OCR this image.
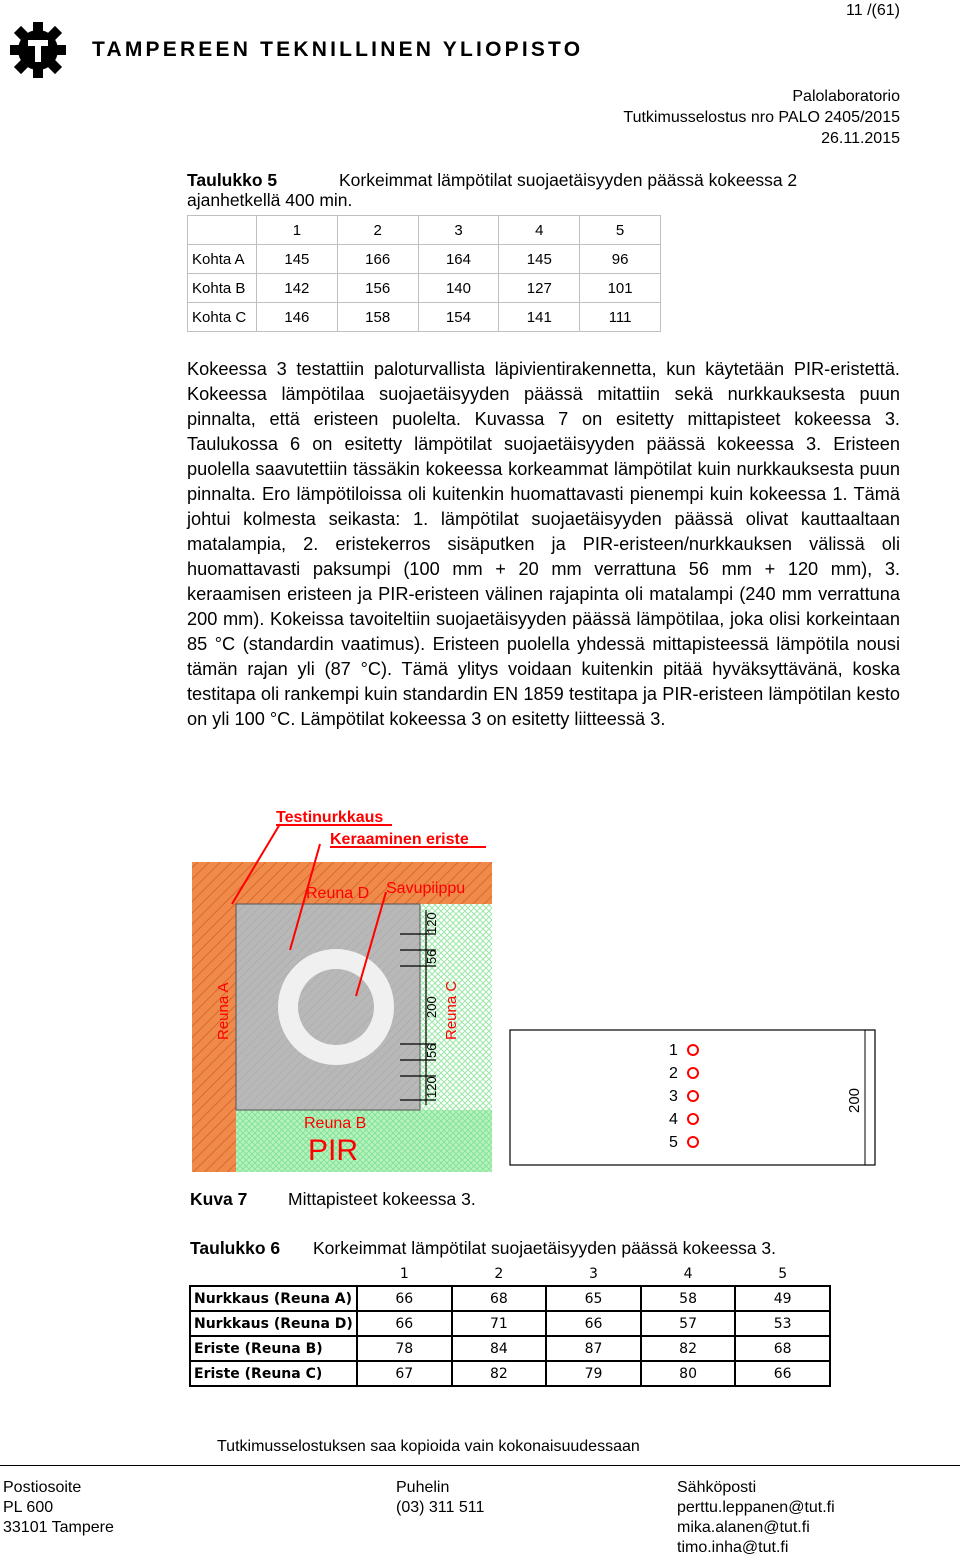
11 /(61)
TAMPEREEN TEKNILLINEN YLIOPISTO
Palolaboratorio
Tutkimusselostus nro PALO 2405/2015
26.11.2015
Taulukko 5	Korkeimmat lämpötilat suojaetäisyyden päässä kokeessa 2
ajanhetkellä 400 min.
	1	2	3	4	5
Kohta A	145	166	164	145	96
Kohta B	142	156	140	127	101
Kohta C	146	158	154	141	111

Kokeessa 3 testattiin paloturvallista läpivientirakennetta, kun käytetään PIR-eristettä. Kokeessa lämpötilaa suojaetäisyyden päässä mitattiin sekä nurkkauksesta puun pinnalta, että eristeen puolelta. Kuvassa 7 on esitetty mittapisteet kokeessa 3. Taulukossa 6 on esitetty lämpötilat suojaetäisyyden päässä kokeessa 3. Eristeen puolella saavutettiin tässäkin kokeessa korkeammat lämpötilat kuin nurkkauksesta puun pinnalta. Ero lämpötiloissa oli kuitenkin huomattavasti pienempi kuin kokeessa 1. Tämä johtui kolmesta seikasta: 1. lämpötilat suojaetäisyyden päässä olivat kauttaaltaan matalampia, 2. eristekerros sisäputken ja PIR-eristeen/nurkkauksen välissä oli huomattavasti paksumpi (100 mm + 20 mm verrattuna 56 mm + 120 mm), 3. keraamisen eristeen ja PIR-eristeen välinen rajapinta oli matalampi (240 mm verrattuna 200 mm). Kokeissa tavoiteltiin suojaetäisyyden päässä lämpötilaa, joka olisi korkeintaan 85 °C (standardin vaatimus). Eristeen puolella yhdessä mittapisteessä lämpötila nousi tämän rajan yli (87 °C). Tämä ylitys voidaan kuitenkin pitää hyväksyttävänä, koska testitapa oli rankempi kuin standardin EN 1859 testitapa ja PIR-eristeen lämpötilan kesto on yli 100 °C. Lämpötilat kokeessa 3 on esitetty liitteessä 3.

Testinurkkaus
Keraaminen eriste
Reuna D Savupiippu
Reuna A	Reuna C
Reuna B
PIR
120
56
200
56
120
1
2
3
4
5
200
Kuva 7 Mittapisteet kokeessa 3.
Taulukko 6 Korkeimmat lämpötilat suojaetäisyyden päässä kokeessa 3.
	1	2	3	4	5
Nurkkaus (Reuna A)	66	68	65	58	49
Nurkkaus (Reuna D)	66	71	66	57	53
Eriste (Reuna B)	78	84	87	82	68
Eriste (Reuna C)	67	82	79	80	66
Tutkimusselostuksen saa kopioida vain kokonaisuudessaan
Postiosoite
PL 600
33101 Tampere
Puhelin
(03) 311 511
Sähköposti
perttu.leppanen@tut.fi
mika.alanen@tut.fi
timo.inha@tut.fi
